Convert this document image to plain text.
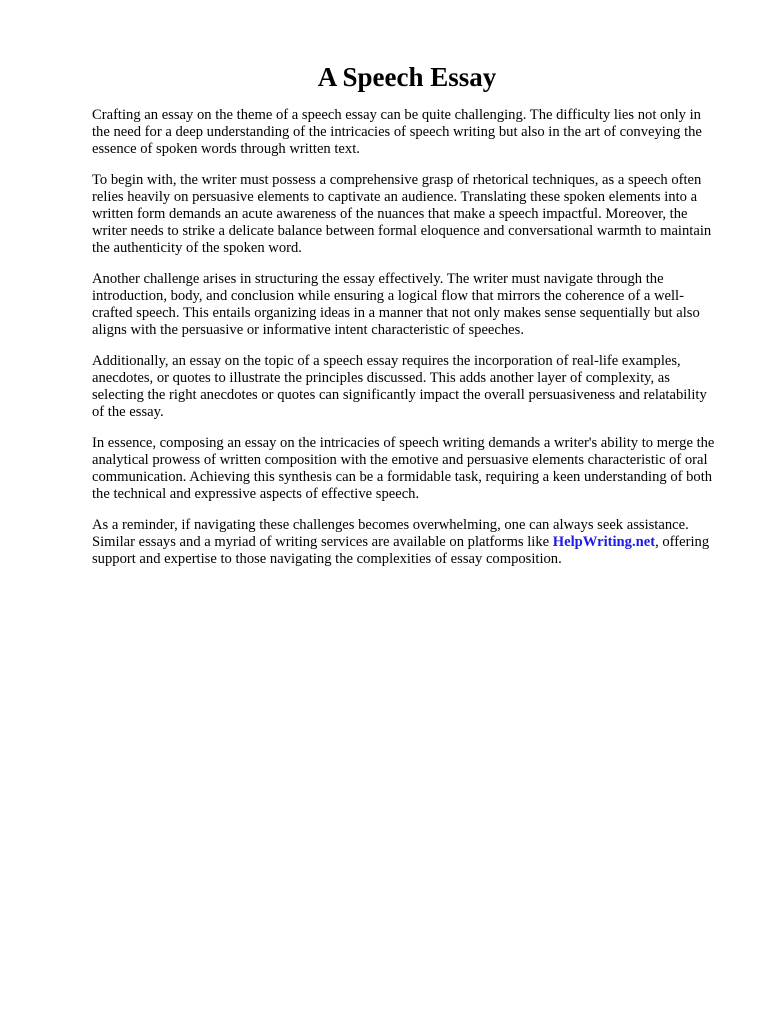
A Speech Essay

Crafting an essay on the theme of a speech essay can be quite challenging. The difficulty lies not only in the need for a deep understanding of the intricacies of speech writing but also in the art of conveying the essence of spoken words through written text.

To begin with, the writer must possess a comprehensive grasp of rhetorical techniques, as a speech often relies heavily on persuasive elements to captivate an audience. Translating these spoken elements into a written form demands an acute awareness of the nuances that make a speech impactful. Moreover, the writer needs to strike a delicate balance between formal eloquence and conversational warmth to maintain the authenticity of the spoken word.

Another challenge arises in structuring the essay effectively. The writer must navigate through the introduction, body, and conclusion while ensuring a logical flow that mirrors the coherence of a well-crafted speech. This entails organizing ideas in a manner that not only makes sense sequentially but also aligns with the persuasive or informative intent characteristic of speeches.

Additionally, an essay on the topic of a speech essay requires the incorporation of real-life examples, anecdotes, or quotes to illustrate the principles discussed. This adds another layer of complexity, as selecting the right anecdotes or quotes can significantly impact the overall persuasiveness and relatability of the essay.

In essence, composing an essay on the intricacies of speech writing demands a writer's ability to merge the analytical prowess of written composition with the emotive and persuasive elements characteristic of oral communication. Achieving this synthesis can be a formidable task, requiring a keen understanding of both the technical and expressive aspects of effective speech.

As a reminder, if navigating these challenges becomes overwhelming, one can always seek assistance. Similar essays and a myriad of writing services are available on platforms like HelpWriting.net, offering support and expertise to those navigating the complexities of essay composition.
